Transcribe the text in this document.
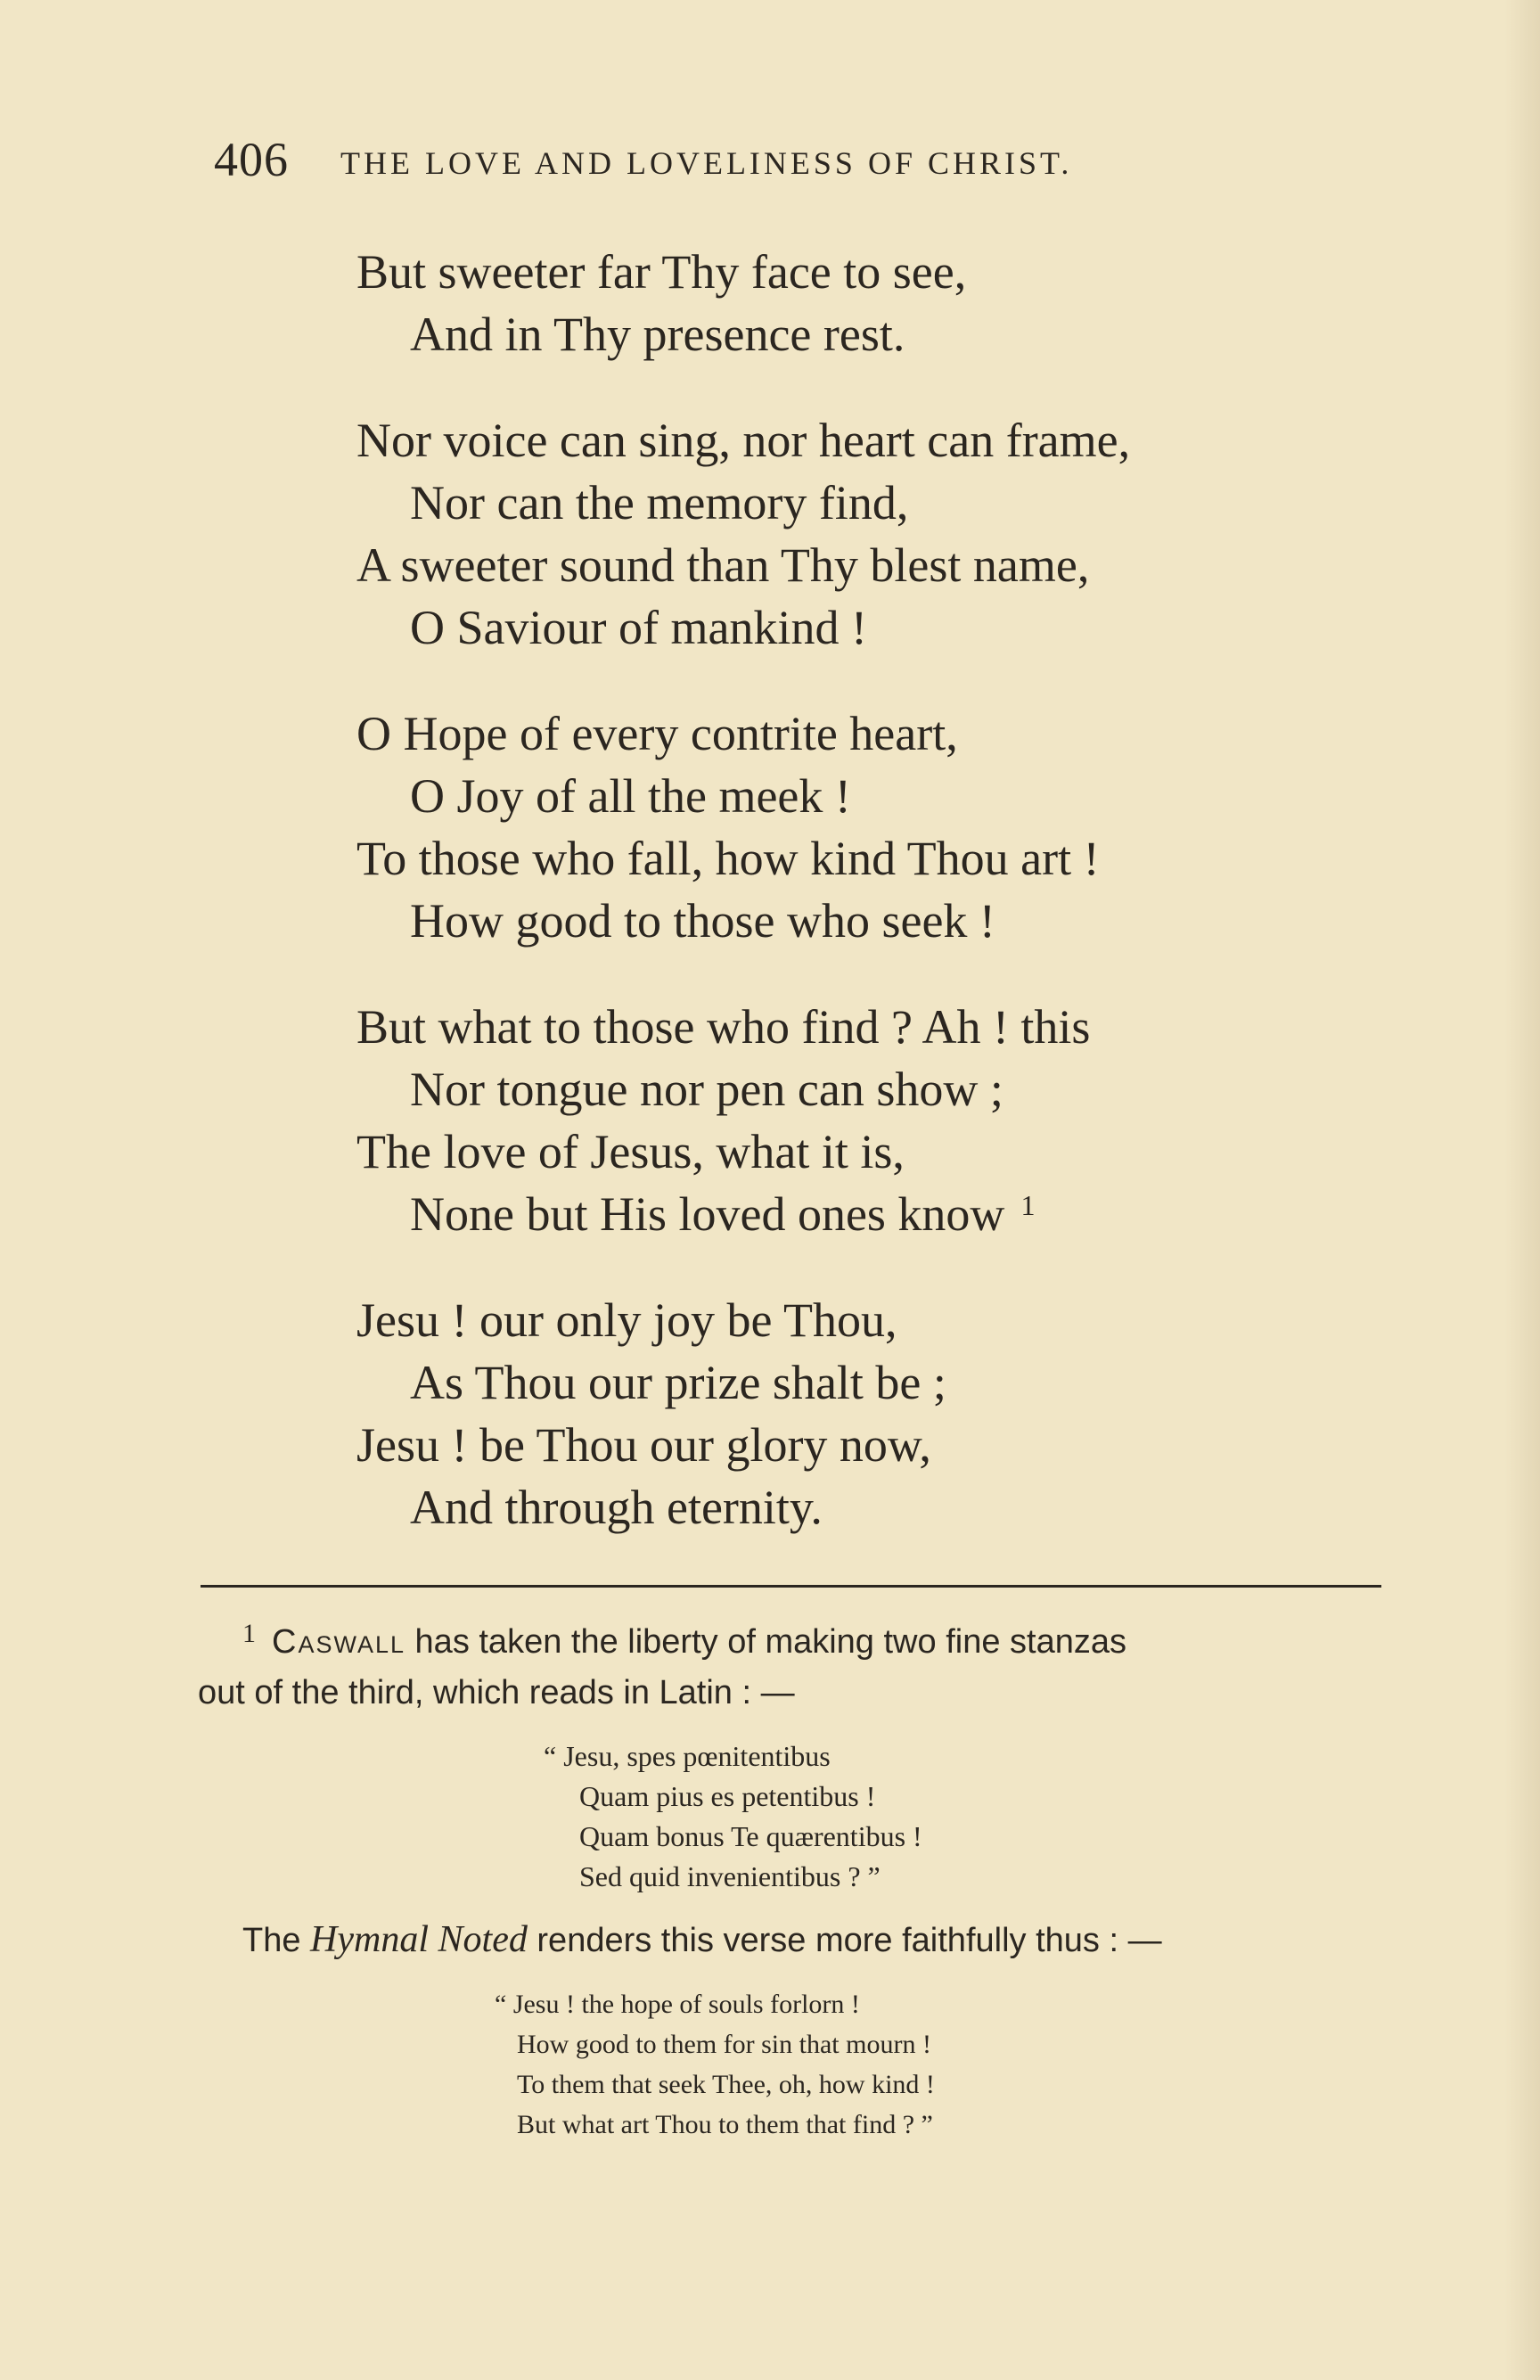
406 THE LOVE AND LOVELINESS OF CHRIST.
But sweeter far Thy face to see,
And in Thy presence rest.
Nor voice can sing, nor heart can frame,
Nor can the memory find,
A sweeter sound than Thy blest name,
O Saviour of mankind !
O Hope of every contrite heart,
O Joy of all the meek !
To those who fall, how kind Thou art !
How good to those who seek !
But what to those who find ? Ah ! this
Nor tongue nor pen can show ;
The love of Jesus, what it is,
None but His loved ones know $^1$
Jesu ! our only joy be Thou,
As Thou our prize shalt be ;
Jesu ! be Thou our glory now,
And through eternity.
$^1$ Caswall has taken the liberty of making two fine stanzas
out of the third, which reads in Latin : —
“ Jesu, spes pœnitentibus
Quam pius es petentibus !
Quam bonus Te quærentibus !
Sed quid invenientibus ? ”
The Hymnal Noted renders this verse more faithfully thus : —
“ Jesu ! the hope of souls forlorn !
How good to them for sin that mourn !
To them that seek Thee, oh, how kind !
But what art Thou to them that find ? ”
